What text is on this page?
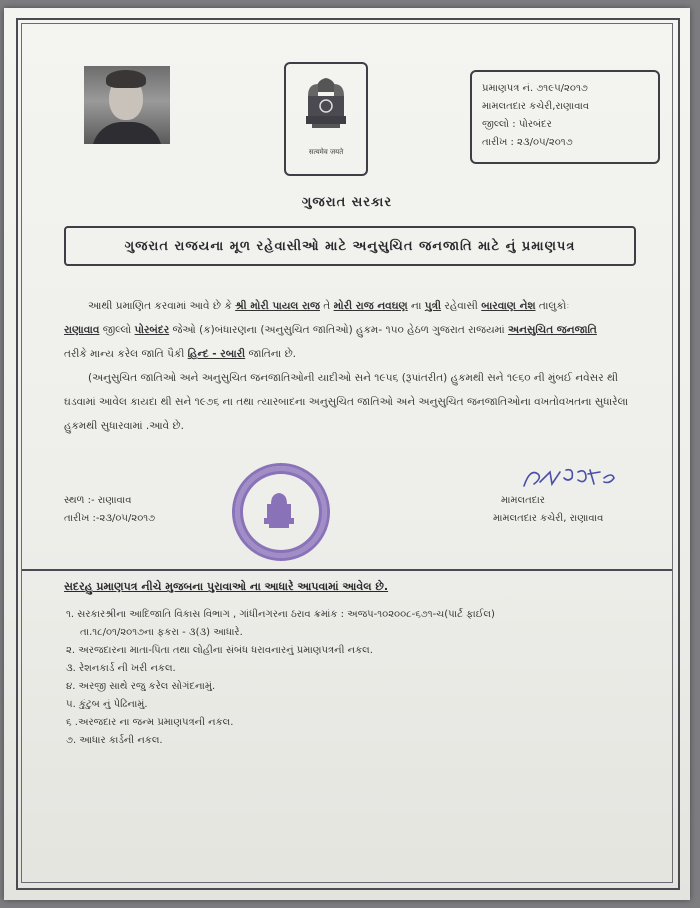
सत्यमेव जयते
પ્રમાણપત્ર નં. ૭૧૯૫/૨૦૧૭
મામલતદાર કચેરી,રાણાવાવ
જીલ્લો : પોરબંદર
તારીખ : ૨૩/૦૫/૨૦૧૭
ગુજરાત સરકાર
ગુજરાત રાજયના મૂળ રહેવાસીઓ માટે અનુસુચિત જનજાતિ માટે નું પ્રમાણપત્ર
આથી પ્રમાણિત કરવામાં આવે છે કે શ્રી મોરી પાયલ રાજ તે મોરી રાજ નવઘણ ના પુત્રી રહેવાસી બારવાણ નેશ તાલુકોઃ
રાણાવાવ જીલ્લો પોરબંદર જેઓ (ક)બંધારણના (અનુસુચિત જાતિઓ) હુકમ- ૧૫૦ હેઠળ ગુજરાત રાજયમાં અનસુચિત જનજાતિ
તરીકે માન્ય કરેલ જાતિ પૈકી હિન્દ - રબારી જાતિના છે.
(અનુસુચિત જાતિઓ અને અનુસુચિત જનજાતિઓની યાદીઓ સને ૧૯૫૬ (રૂપાંતરીત) હુકમથી સને ૧૯૬૦ ની મુંબઈ નવેસર થી
ઘડવામાં આવેલ કાયદા થી સને ૧૯૭૬ ના તથા ત્યારબાદના અનુસુચિત જાતિઓ અને અનુસુચિત જનજાતિઓના વખતોવખતના સુધારેલા
હુકમથી સુધારવામાં .આવે છે.
સ્થળ :- રાણાવાવ
તારીખ :-૨૩/૦૫/૨૦૧૭
મામલતદાર
મામલતદાર કચેરી, રાણાવાવ
સદરહુ પ્રમાણપત્ર નીચે મુજબના પુરાવાઓ ના આધારે આપવામાં આવેલ છે.
૧. સરકારશ્રીના આદિજાતિ વિકાસ વિભાગ , ગાંધીનગરના ઠરાવ ક્રમાંક : અજપ-૧૦૨૦૦૮-૬૭૧-ચ(પાર્ટ ફાઈલ)
તા.૧૮/૦૧/૨૦૧૭ના ફકરા - ૩(૩) આધારે.
૨. અરજદારના માતા-પિતા તથા લોહીના સંબંધ ધરાવનારનું પ્રમાણપત્રની નકલ.
૩. રેશનકાર્ડ ની ખરી નકલ.
૪. અરજી સાથે રજુ કરેલ સોગંદનામું.
૫. કુંટુબ નું પેઢિનામું.
૬ .અરજદાર ના જન્મ પ્રમાણપત્રની નકલ.
૭. આધાર કાર્ડની નકલ.
